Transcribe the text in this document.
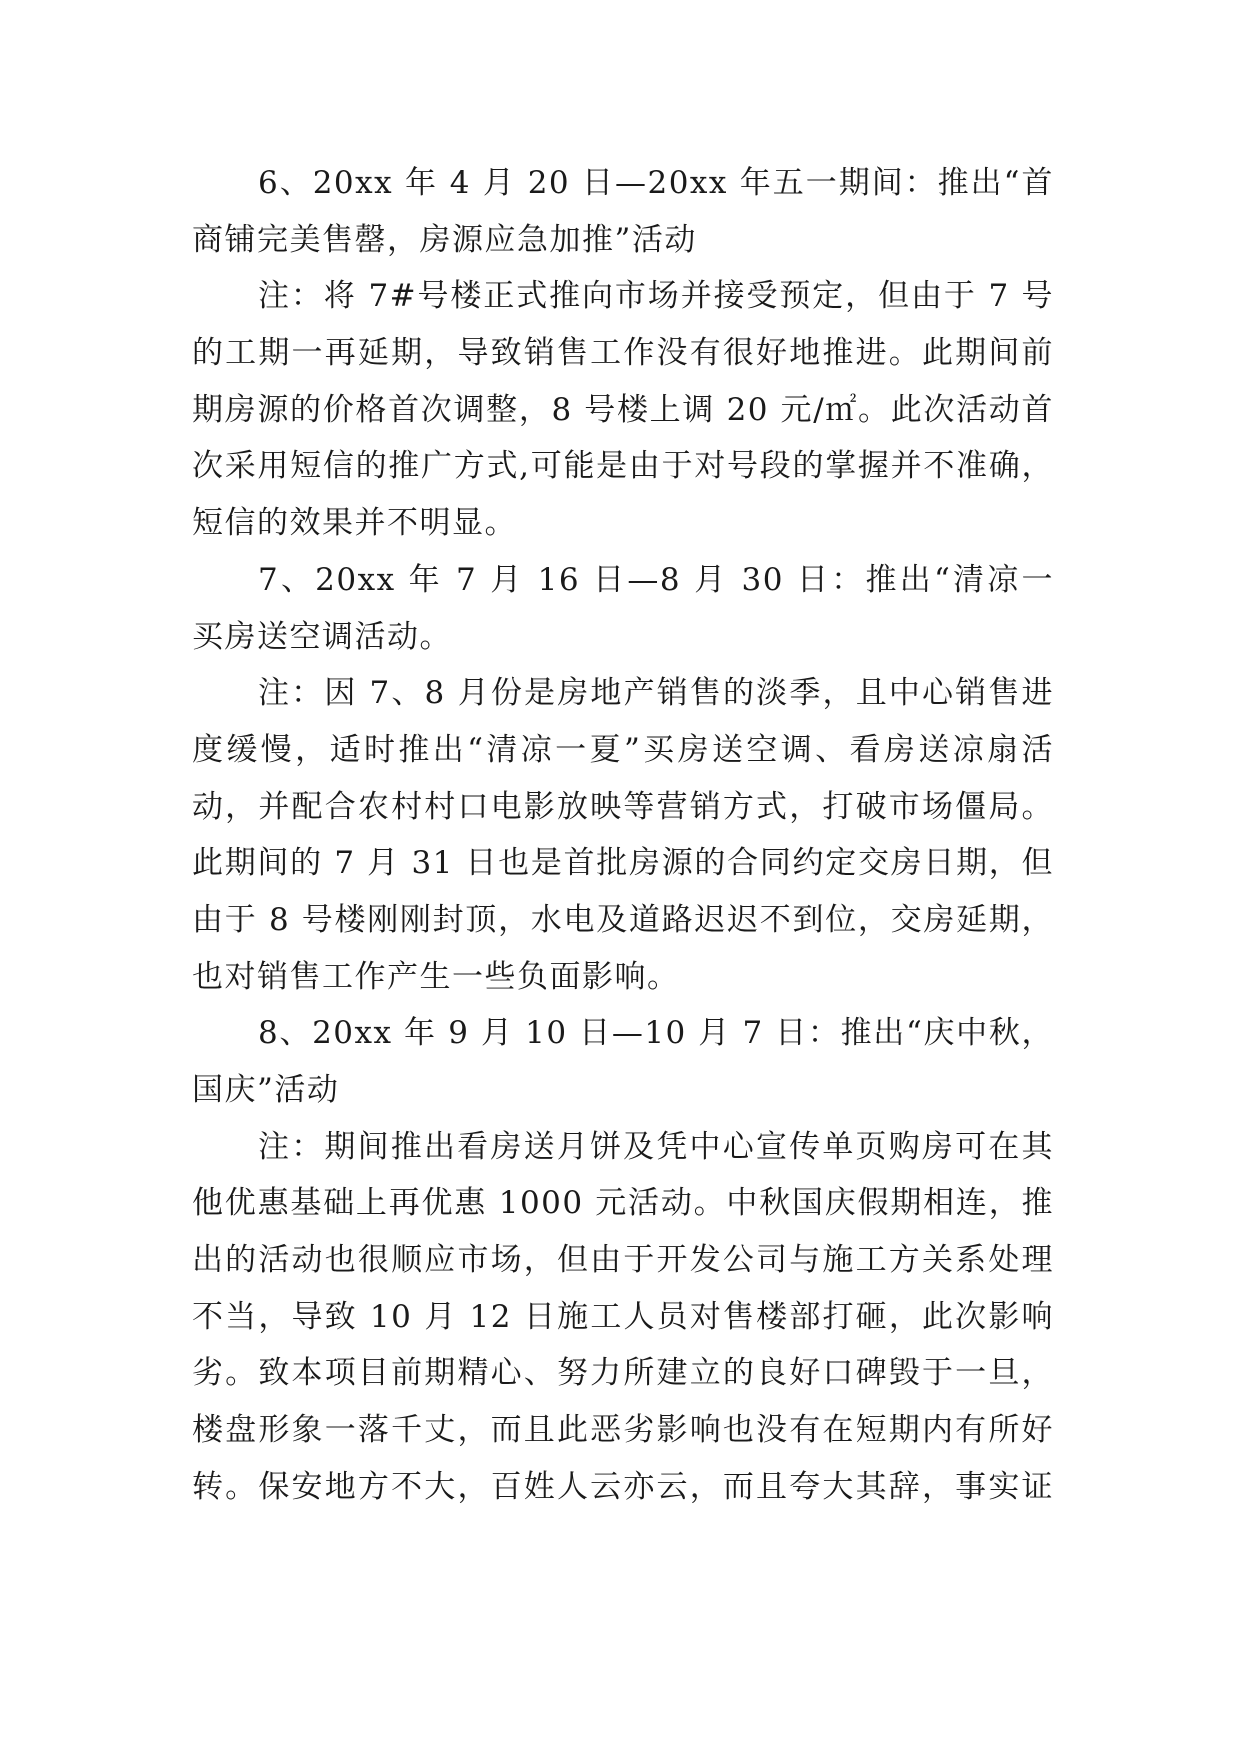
6、20xx 年 4 月 20 日—20xx 年五一期间：推出“首
商铺完美售罄，房源应急加推”活动
注：将 7#号楼正式推向市场并接受预定，但由于 7 号
的工期一再延期，导致销售工作没有很好地推进。此期间前
期房源的价格首次调整，8 号楼上调 20 元/㎡。此次活动首
次采用短信的推广方式,可能是由于对号段的掌握并不准确，
短信的效果并不明显。
7、20xx 年 7 月 16 日—8 月 30 日：推出“清凉一
买房送空调活动。
注：因 7、8 月份是房地产销售的淡季，且中心销售进
度缓慢，适时推出“清凉一夏”买房送空调、看房送凉扇活
动，并配合农村村口电影放映等营销方式，打破市场僵局。
此期间的 7 月 31 日也是首批房源的合同约定交房日期，但
由于 8 号楼刚刚封顶，水电及道路迟迟不到位，交房延期，
也对销售工作产生一些负面影响。
8、20xx 年 9 月 10 日—10 月 7 日：推出“庆中秋，
国庆”活动
注：期间推出看房送月饼及凭中心宣传单页购房可在其
他优惠基础上再优惠 1000 元活动。中秋国庆假期相连，推
出的活动也很顺应市场，但由于开发公司与施工方关系处理
不当，导致 10 月 12 日施工人员对售楼部打砸，此次影响
劣。致本项目前期精心、努力所建立的良好口碑毁于一旦，
楼盘形象一落千丈，而且此恶劣影响也没有在短期内有所好
转。保安地方不大，百姓人云亦云，而且夸大其辞，事实证
